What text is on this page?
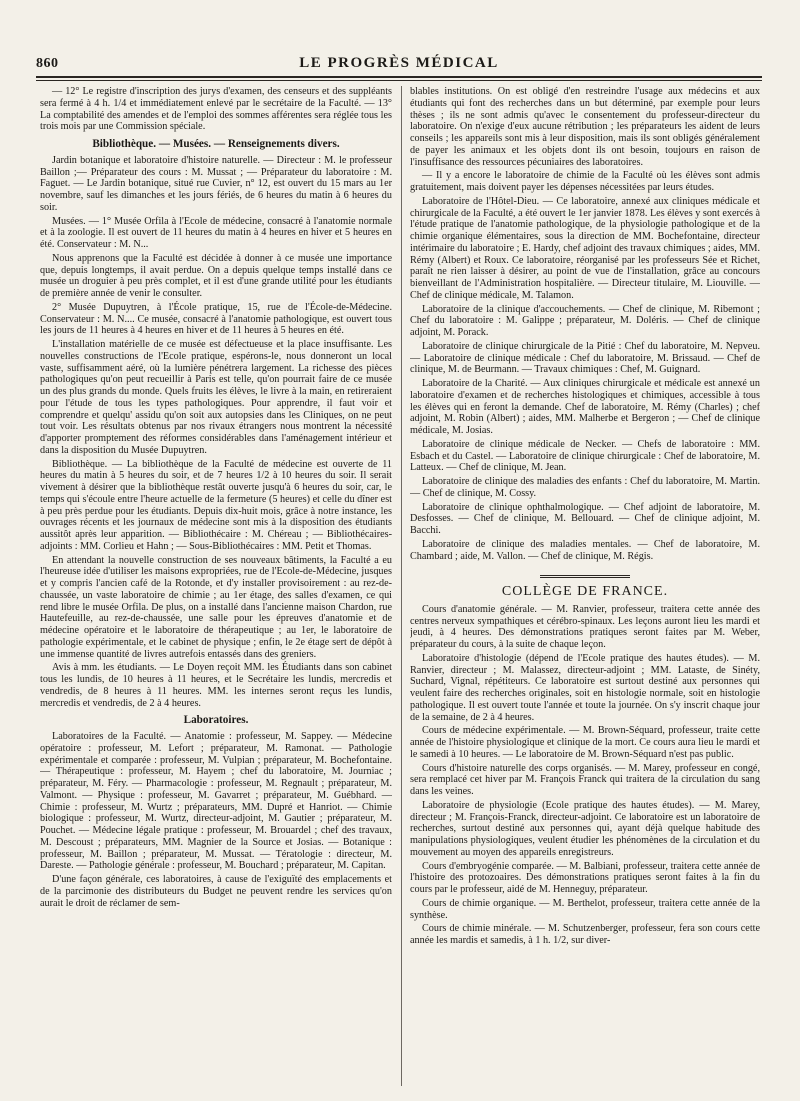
860	LE PROGRÈS MÉDICAL

— 12° Le registre d'inscription des jurys d'examen, des censeurs et des suppléants sera fermé à 4 h. 1/4 et immédiatement enlevé par le secrétaire de la Faculté. — 13° La comptabilité des amendes et de l'emploi des sommes afférentes sera réglée tous les trois mois par une Commission spéciale.

Bibliothèque. — Musées. — Renseignements divers.

Jardin botanique et laboratoire d'histoire naturelle. — Directeur : M. le professeur Baillon ;— Préparateur des cours : M. Mussat ; — Préparateur du laboratoire : M. Faguet. — Le Jardin botanique, situé rue Cuvier, n° 12, est ouvert du 15 mars au 1er novembre, sauf les dimanches et les jours fériés, de 6 heures du matin à 6 heures du soir.

Musées. — 1° Musée Orfila à l'Ecole de médecine, consacré à l'anatomie normale et à la zoologie. Il est ouvert de 11 heures du matin à 4 heures en hiver et 5 heures en été. Conservateur : M. N...

Nous apprenons que la Faculté est décidée à donner à ce musée une importance que, depuis longtemps, il avait perdue. On a depuis quelque temps installé dans ce musée un droguier à peu près complet, et il est d'une grande utilité pour les étudiants de première année de venir le consulter.

2° Musée Dupuytren, à l'École pratique, 15, rue de l'École-de-Médecine. Conservateur : M. N.... Ce musée, consacré à l'anatomie pathologique, est ouvert tous les jours de 11 heures à 4 heures en hiver et de 11 heures à 5 heures en été.

L'installation matérielle de ce musée est défectueuse et la place insuffisante. Les nouvelles constructions de l'Ecole pratique, espérons-le, nous donneront un local vaste, suffisamment aéré, où la lumière pénétrera largement. La richesse des pièces pathologiques qu'on peut recueillir à Paris est telle, qu'on pourrait faire de ce musée un des plus grands du monde. Quels fruits les élèves, le livre à la main, en retireraient pour l'étude de tous les types pathologiques. Pour apprendre, il faut voir et comprendre et quelqu' assidu qu'on soit aux autopsies dans les Cliniques, on ne peut tout voir. Les résultats obtenus par nos rivaux étrangers nous montrent la nécessité d'apporter promptement des réformes considérables dans l'aménagement intérieur et dans la disposition du Musée Dupuytren.

Bibliothèque. — La bibliothèque de la Faculté de médecine est ouverte de 11 heures du matin à 5 heures du soir, et de 7 heures 1/2 à 10 heures du soir. Il serait vivement à désirer que la bibliothèque restât ouverte jusqu'à 6 heures du soir, car, le temps qui s'écoule entre l'heure actuelle de la fermeture (5 heures) et celle du dîner est à peu près perdue pour les étudiants. Depuis dix-huit mois, grâce à notre instance, les ouvrages récents et les journaux de médecine sont mis à la disposition des étudiants aussitôt après leur apparition. — Bibliothécaire : M. Chéreau ; — Bibliothécaires-adjoints : MM. Corlieu et Hahn ; — Sous-Bibliothécaires : MM. Petit et Thomas.

En attendant la nouvelle construction de ses nouveaux bâtiments, la Faculté a eu l'heureuse idée d'utiliser les maisons expropriées, rue de l'Ecole-de-Médecine, jusques et y compris l'ancien café de la Rotonde, et d'y installer provisoirement : au rez-de-chaussée, un vaste laboratoire de chimie ; au 1er étage, des salles d'examen, ce qui rend libre le musée Orfila. De plus, on a installé dans l'ancienne maison Chardon, rue Hautefeuille, au rez-de-chaussée, une salle pour les épreuves d'anatomie et de médecine opératoire et le laboratoire de thérapeutique ; au 1er, le laboratoire de pathologie expérimentale, et le cabinet de physique ; enfin, le 2e étage sert de dépôt à une immense quantité de livres autrefois entassés dans des greniers.

Avis à mm. les étudiants. — Le Doyen reçoit MM. les Étudiants dans son cabinet tous les lundis, de 10 heures à 11 heures, et le Secrétaire les lundis, mercredis et vendredis, de 8 heures à 11 heures. MM. les internes seront reçus les lundis, mercredis et vendredis, de 2 à 4 heures.

Laboratoires.

Laboratoires de la Faculté. — Anatomie : professeur, M. Sappey. — Médecine opératoire : professeur, M. Lefort ; préparateur, M. Ramonat. — Pathologie expérimentale et comparée : professeur, M. Vulpian ; préparateur, M. Bochefontaine. — Thérapeutique : professeur, M. Hayem ; chef du laboratoire, M. Journiac ; préparateur, M. Féry. — Pharmacologie : professeur, M. Regnault ; préparateur, M. Valmont. — Physique : professeur, M. Gavarret ; préparateur, M. Guébhard. — Chimie : professeur, M. Wurtz ; préparateurs, MM. Dupré et Hanriot. — Chimie biologique : professeur, M. Wurtz, directeur-adjoint, M. Gautier ; préparateur, M. Pouchet. — Médecine légale pratique : professeur, M. Brouardel ; chef des travaux, M. Descoust ; préparateurs, MM. Magnier de la Source et Josias. — Botanique : professeur, M. Baillon ; préparateur, M. Mussat. — Tératologie : directeur, M. Dareste. — Pathologie générale : professeur, M. Bouchard ; préparateur, M. Capitan.

D'une façon générale, ces laboratoires, à cause de l'exiguïté des emplacements et de la parcimonie des distributeurs du Budget ne peuvent rendre les services qu'on aurait le droit de réclamer de sem-

blables institutions. On est obligé d'en restreindre l'usage aux médecins et aux étudiants qui font des recherches dans un but déterminé, par exemple pour leurs thèses ; ils ne sont admis qu'avec le consentement du professeur-directeur du laboratoire. On n'exige d'eux aucune rétribution ; les préparateurs les aident de leurs conseils ; les appareils sont mis à leur disposition, mais ils sont obligés généralement de payer les animaux et les objets dont ils ont besoin, toujours en raison de l'insuffisance des ressources pécuniaires des laboratoires.

— Il y a encore le laboratoire de chimie de la Faculté où les élèves sont admis gratuitement, mais doivent payer les dépenses nécessitées par leurs études.

Laboratoire de l'Hôtel-Dieu. — Ce laboratoire, annexé aux cliniques médicale et chirurgicale de la Faculté, a été ouvert le 1er janvier 1878. Les élèves y sont exercés à l'étude pratique de l'anatomie pathologique, de la physiologie pathologique et de la chimie organique élémentaires, sous la direction de MM. Bochefontaine, directeur intérimaire du laboratoire ; E. Hardy, chef adjoint des travaux chimiques ; aides, MM. Rémy (Albert) et Roux. Ce laboratoire, réorganisé par les professeurs Sée et Richet, paraît ne rien laisser à désirer, au point de vue de l'installation, grâce au concours bienveillant de l'Administration hospitalière. — Directeur titulaire, M. Liouville. — Chef de clinique médicale, M. Talamon.

Laboratoire de la clinique d'accouchements. — Chef de clinique, M. Ribemont ; Chef du laboratoire : M. Galippe ; préparateur, M. Doléris. — Chef de clinique adjoint, M. Porack.

Laboratoire de clinique chirurgicale de la Pitié : Chef du laboratoire, M. Nepveu. — Laboratoire de clinique médicale : Chef du laboratoire, M. Brissaud. — Chef de clinique, M. de Beurmann. — Travaux chimiques : Chef, M. Guignard.

Laboratoire de la Charité. — Aux cliniques chirurgicale et médicale est annexé un laboratoire d'examen et de recherches histologiques et chimiques, accessible à tous les élèves qui en feront la demande. Chef de laboratoire, M. Rémy (Charles) ; chef adjoint, M. Robin (Albert) ; aides, MM. Malherbe et Bergeron ; — Chef de clinique médicale, M. Josias.

Laboratoire de clinique médicale de Necker. — Chefs de laboratoire : MM. Esbach et du Castel. — Laboratoire de clinique chirurgicale : Chef de laboratoire, M. Latteux. — Chef de clinique, M. Jean.

Laboratoire de clinique des maladies des enfants : Chef du laboratoire, M. Martin. — Chef de clinique, M. Cossy.

Laboratoire de clinique ophthalmologique. — Chef adjoint de laboratoire, M. Desfosses. — Chef de clinique, M. Bellouard. — Chef de clinique adjoint, M. Bacchi.

Laboratoire de clinique des maladies mentales. — Chef de laboratoire, M. Chambard ; aide, M. Vallon. — Chef de clinique, M. Régis.

COLLÈGE DE FRANCE.

Cours d'anatomie générale. — M. Ranvier, professeur, traitera cette année des centres nerveux sympathiques et cérébro-spinaux. Les leçons auront lieu les mardi et jeudi, à 4 heures. Des démonstrations pratiques seront faites par M. Weber, préparateur du cours, à la suite de chaque leçon.

Laboratoire d'histologie (dépend de l'Ecole pratique des hautes études). — M. Ranvier, directeur ; M. Malassez, directeur-adjoint ; MM. Lataste, de Sinéty, Suchard, Vignal, répétiteurs. Ce laboratoire est surtout destiné aux personnes qui veulent faire des recherches originales, soit en histologie normale, soit en histologie pathologique. Il est ouvert toute l'année et toute la journée. On s'y inscrit chaque jour de la semaine, de 2 à 4 heures.

Cours de médecine expérimentale. — M. Brown-Séquard, professeur, traite cette année de l'histoire physiologique et clinique de la mort. Ce cours aura lieu le mardi et le samedi à 10 heures. — Le laboratoire de M. Brown-Séquard n'est pas public.

Cours d'histoire naturelle des corps organisés. — M. Marey, professeur en congé, sera remplacé cet hiver par M. François Franck qui traitera de la circulation du sang dans les veines.

Laboratoire de physiologie (Ecole pratique des hautes études). — M. Marey, directeur ; M. François-Franck, directeur-adjoint. Ce laboratoire est un laboratoire de recherches, surtout destiné aux personnes qui, ayant déjà quelque habitude des manipulations physiologiques, veulent étudier les phénomènes de la circulation et du mouvement au moyen des appareils enregistreurs.

Cours d'embryogénie comparée. — M. Balbiani, professeur, traitera cette année de l'histoire des protozoaires. Des démonstrations pratiques seront faites à la fin du cours par le professeur, aidé de M. Henneguy, préparateur.

Cours de chimie organique. — M. Berthelot, professeur, traitera cette année de la synthèse.

Cours de chimie minérale. — M. Schutzenberger, professeur, fera son cours cette année les mardis et samedis, à 1 h. 1/2, sur diver-
